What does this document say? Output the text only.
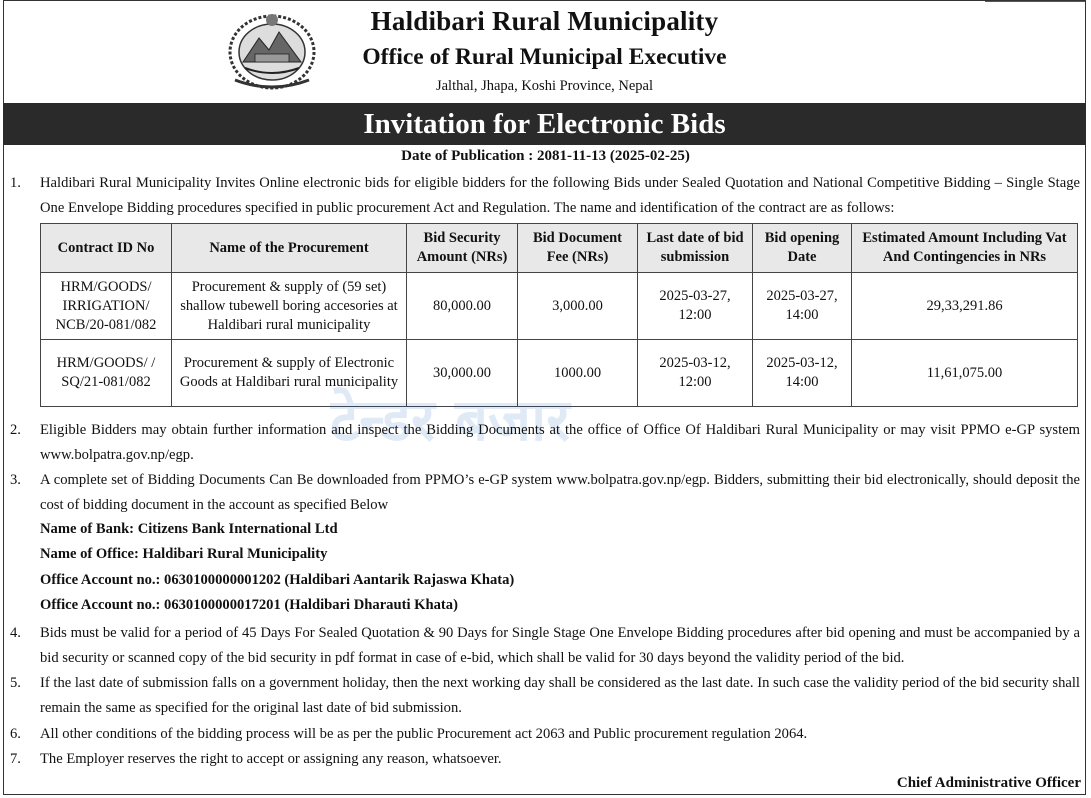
Haldibari Rural Municipality
Office of Rural Municipal Executive
Jalthal, Jhapa, Koshi Province, Nepal
Invitation for Electronic Bids
Date of Publication : 2081-11-13 (2025-02-25)
1. Haldibari Rural Municipality Invites Online electronic bids for eligible bidders for the following Bids under Sealed Quotation and National Competitive Bidding – Single Stage One Envelope Bidding procedures specified in public procurement Act and Regulation. The name and identification of the contract are as follows:
Contract ID No	Name of the Procurement	Bid Security Amount (NRs)	Bid Document Fee (NRs)	Last date of bid submission	Bid opening Date	Estimated Amount Including Vat And Contingencies in NRs
HRM/GOODS/ IRRIGATION/ NCB/20-081/082	Procurement & supply of (59 set) shallow tubewell boring accesories at Haldibari rural municipality	80,000.00	3,000.00	2025-03-27, 12:00	2025-03-27, 14:00	29,33,291.86
HRM/GOODS/ / SQ/21-081/082	Procurement & supply of Electronic Goods at Haldibari rural municipality	30,000.00	1000.00	2025-03-12, 12:00	2025-03-12, 14:00	11,61,075.00
टेन्डर बजार
2. Eligible Bidders may obtain further information and inspect the Bidding Documents at the office of Office Of Haldibari Rural Municipality or may visit PPMO e-GP system www.bolpatra.gov.np/egp.
3. A complete set of Bidding Documents Can Be downloaded from PPMO’s e-GP system www.bolpatra.gov.np/egp. Bidders, submitting their bid electronically, should deposit the cost of bidding document in the account as specified Below
Name of Bank: Citizens Bank International Ltd
Name of Office: Haldibari Rural Municipality
Office Account no.: 0630100000001202 (Haldibari Aantarik Rajaswa Khata)
Office Account no.: 0630100000017201 (Haldibari Dharauti Khata)
4. Bids must be valid for a period of 45 Days For Sealed Quotation & 90 Days for Single Stage One Envelope Bidding procedures after bid opening and must be accompanied by a bid security or scanned copy of the bid security in pdf format in case of e-bid, which shall be valid for 30 days beyond the validity period of the bid.
5. If the last date of submission falls on a government holiday, then the next working day shall be considered as the last date. In such case the validity period of the bid security shall remain the same as specified for the original last date of bid submission.
6. All other conditions of the bidding process will be as per the public Procurement act 2063 and Public procurement regulation 2064.
7. The Employer reserves the right to accept or assigning any reason, whatsoever.
Chief Administrative Officer
